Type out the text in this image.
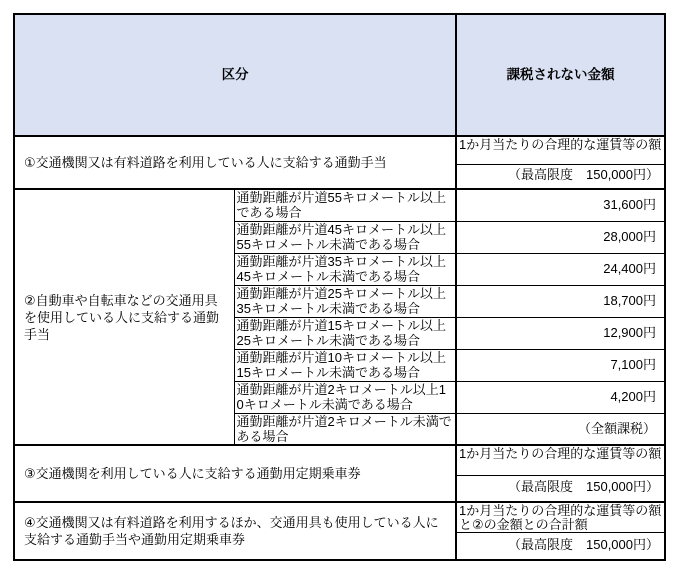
区分		課税されない金額
①交通機関又は有料道路を利用している人に支給する通勤手当		1か月当たりの合理的な運賃等の額
		（最高限度　150,000円）
②自動車や自転車などの交通用具を使用している人に支給する通勤手当	通勤距離が片道55キロメートル以上である場合	31,600円
	通勤距離が片道45キロメートル以上55キロメートル未満である場合	28,000円
	通勤距離が片道35キロメートル以上45キロメートル未満である場合	24,400円
	通勤距離が片道25キロメートル以上35キロメートル未満である場合	18,700円
	通勤距離が片道15キロメートル以上25キロメートル未満である場合	12,900円
	通勤距離が片道10キロメートル以上15キロメートル未満である場合	7,100円
	通勤距離が片道2キロメートル以上10キロメートル未満である場合	4,200円
	通勤距離が片道2キロメートル未満である場合	（全額課税）
③交通機関を利用している人に支給する通勤用定期乗車券		1か月当たりの合理的な運賃等の額
		（最高限度　150,000円）
④交通機関又は有料道路を利用するほか、交通用具も使用している人に支給する通勤手当や通勤用定期乗車券		1か月当たりの合理的な運賃等の額と②の金額との合計額
		（最高限度　150,000円）
